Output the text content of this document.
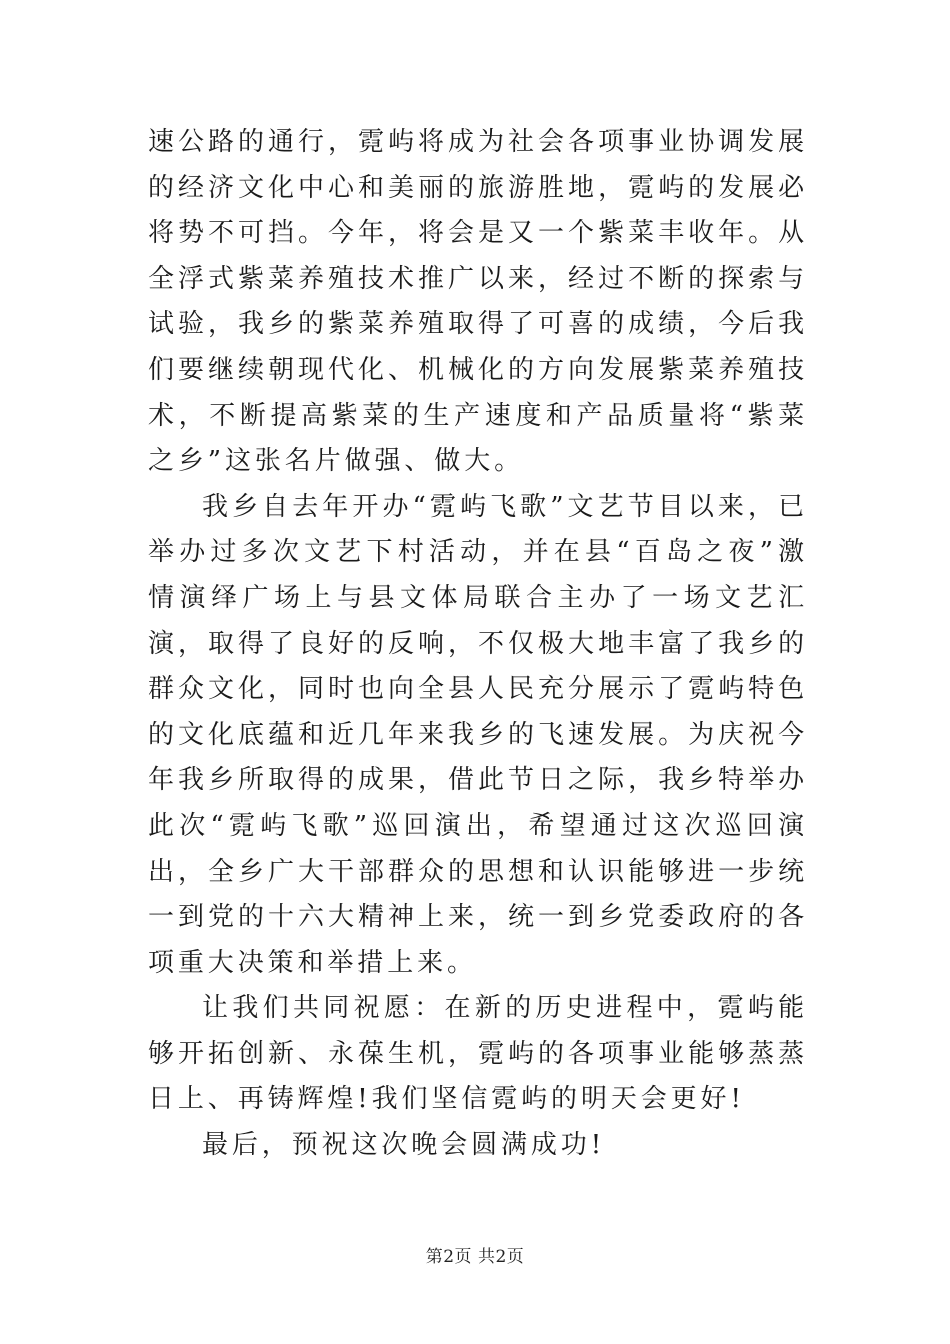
速公路的通行，霓屿将成为社会各项事业协调发展的经济文化中心和美丽的旅游胜地，霓屿的发展必将势不可挡。今年，将会是又一个紫菜丰收年。从全浮式紫菜养殖技术推广以来，经过不断的探索与试验，我乡的紫菜养殖取得了可喜的成绩，今后我们要继续朝现代化、机械化的方向发展紫菜养殖技术，不断提高紫菜的生产速度和产品质量将“紫菜之乡”这张名片做强、做大。

我乡自去年开办“霓屿飞歌”文艺节目以来，已举办过多次文艺下村活动，并在县“百岛之夜”激情演绎广场上与县文体局联合主办了一场文艺汇演，取得了良好的反响，不仅极大地丰富了我乡的群众文化，同时也向全县人民充分展示了霓屿特色的文化底蕴和近几年来我乡的飞速发展。为庆祝今年我乡所取得的成果，借此节日之际，我乡特举办此次“霓屿飞歌”巡回演出，希望通过这次巡回演出，全乡广大干部群众的思想和认识能够进一步统一到党的十六大精神上来，统一到乡党委政府的各项重大决策和举措上来。

让我们共同祝愿：在新的历史进程中，霓屿能够开拓创新、永葆生机，霓屿的各项事业能够蒸蒸日上、再铸辉煌!我们坚信霓屿的明天会更好!

最后，预祝这次晚会圆满成功!

第2页 共2页
